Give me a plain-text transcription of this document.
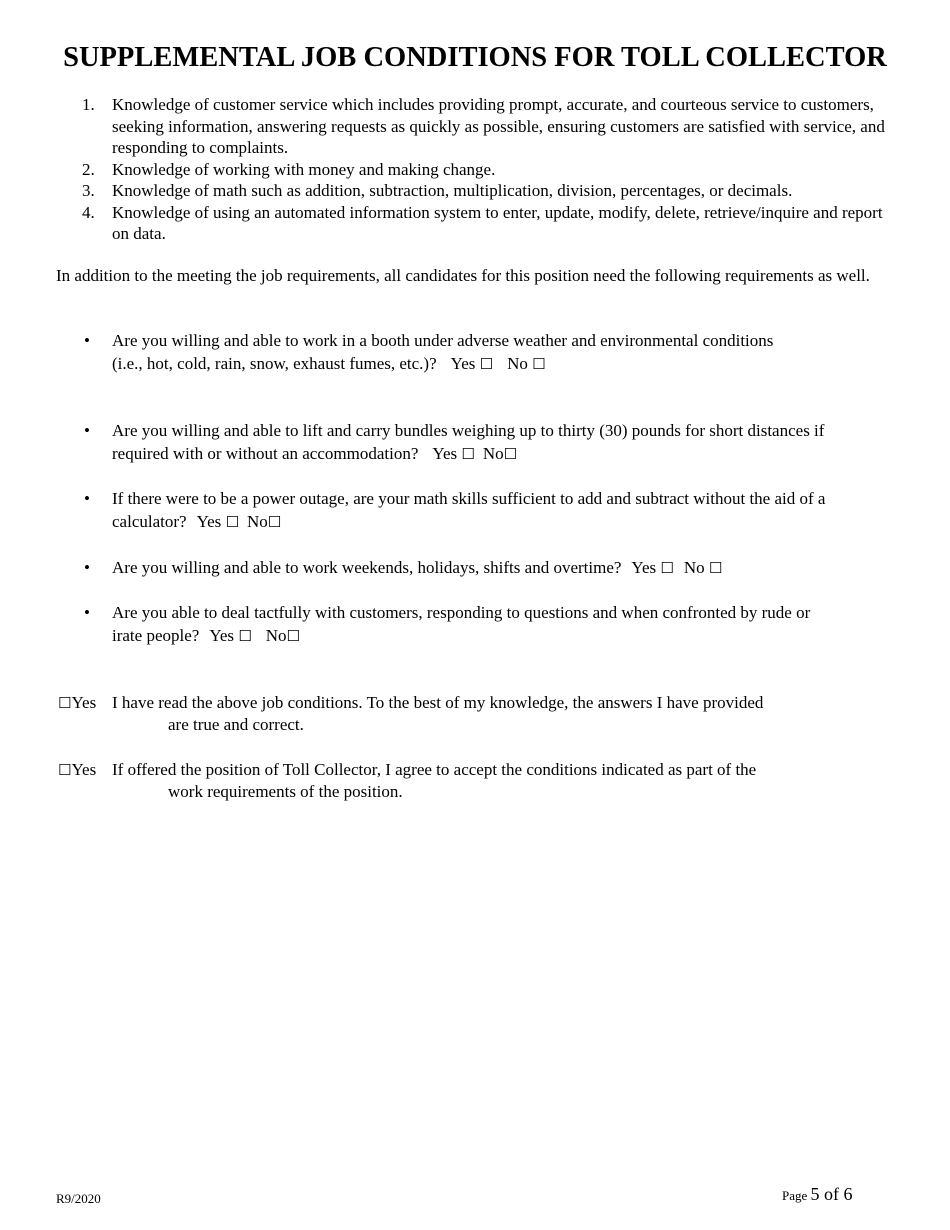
SUPPLEMENTAL JOB CONDITIONS FOR TOLL COLLECTOR
1. Knowledge of customer service which includes providing prompt, accurate, and courteous service to customers, seeking information, answering requests as quickly as possible, ensuring customers are satisfied with service, and responding to complaints.
2. Knowledge of working with money and making change.
3. Knowledge of math such as addition, subtraction, multiplication, division, percentages, or decimals.
4. Knowledge of using an automated information system to enter, update, modify, delete, retrieve/inquire and report on data.

In addition to the meeting the job requirements, all candidates for this position need the following requirements as well.

• Are you willing and able to work in a booth under adverse weather and environmental conditions
(i.e., hot, cold, rain, snow, exhaust fumes, etc.)? Yes ☐ No ☐
• Are you willing and able to lift and carry bundles weighing up to thirty (30) pounds for short distances if
required with or without an accommodation? Yes ☐ No☐
• If there were to be a power outage, are your math skills sufficient to add and subtract without the aid of a
calculator? Yes ☐ No☐
• Are you willing and able to work weekends, holidays, shifts and overtime? Yes ☐ No ☐
• Are you able to deal tactfully with customers, responding to questions and when confronted by rude or
irate people? Yes ☐ No☐
☐Yes I have read the above job conditions. To the best of my knowledge, the answers I have provided
are true and correct.
☐Yes If offered the position of Toll Collector, I agree to accept the conditions indicated as part of the
work requirements of the position.
R9/2020	Page 5 of 6
